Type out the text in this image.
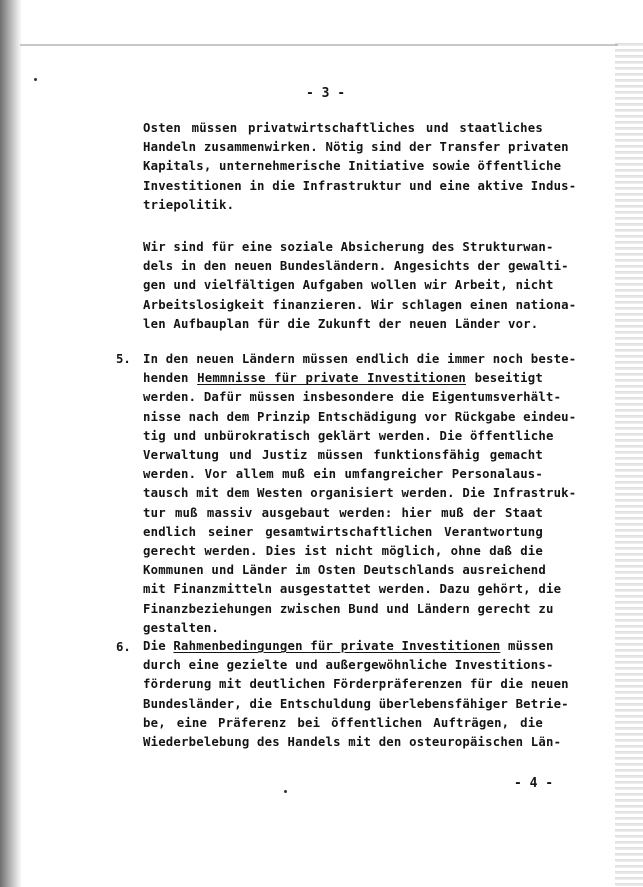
- 3 -
Osten müssen privatwirtschaftliches und staatliches
Handeln zusammenwirken. Nötig sind der Transfer privaten
Kapitals, unternehmerische Initiative sowie öffentliche
Investitionen in die Infrastruktur und eine aktive Indus-
triepolitik.
Wir sind für eine soziale Absicherung des Strukturwan-
dels in den neuen Bundesländern. Angesichts der gewalti-
gen und vielfältigen Aufgaben wollen wir Arbeit, nicht
Arbeitslosigkeit finanzieren. Wir schlagen einen nationa-
len Aufbauplan für die Zukunft der neuen Länder vor.
5. In den neuen Ländern müssen endlich die immer noch beste-
henden Hemmnisse für private Investitionen beseitigt
werden. Dafür müssen insbesondere die Eigentumsverhält-
nisse nach dem Prinzip Entschädigung vor Rückgabe eindeu-
tig und unbürokratisch geklärt werden. Die öffentliche
Verwaltung und Justiz müssen funktionsfähig gemacht
werden. Vor allem muß ein umfangreicher Personalaus-
tausch mit dem Westen organisiert werden. Die Infrastruk-
tur muß massiv ausgebaut werden: hier muß der Staat
endlich seiner gesamtwirtschaftlichen Verantwortung
gerecht werden. Dies ist nicht möglich, ohne daß die
Kommunen und Länder im Osten Deutschlands ausreichend
mit Finanzmitteln ausgestattet werden. Dazu gehört, die
Finanzbeziehungen zwischen Bund und Ländern gerecht zu
gestalten.
6. Die Rahmenbedingungen für private Investitionen müssen
durch eine gezielte und außergewöhnliche Investitions-
förderung mit deutlichen Förderpräferenzen für die neuen
Bundesländer, die Entschuldung überlebensfähiger Betrie-
be, eine Präferenz bei öffentlichen Aufträgen, die
Wiederbelebung des Handels mit den osteuropäischen Län-
- 4 -
